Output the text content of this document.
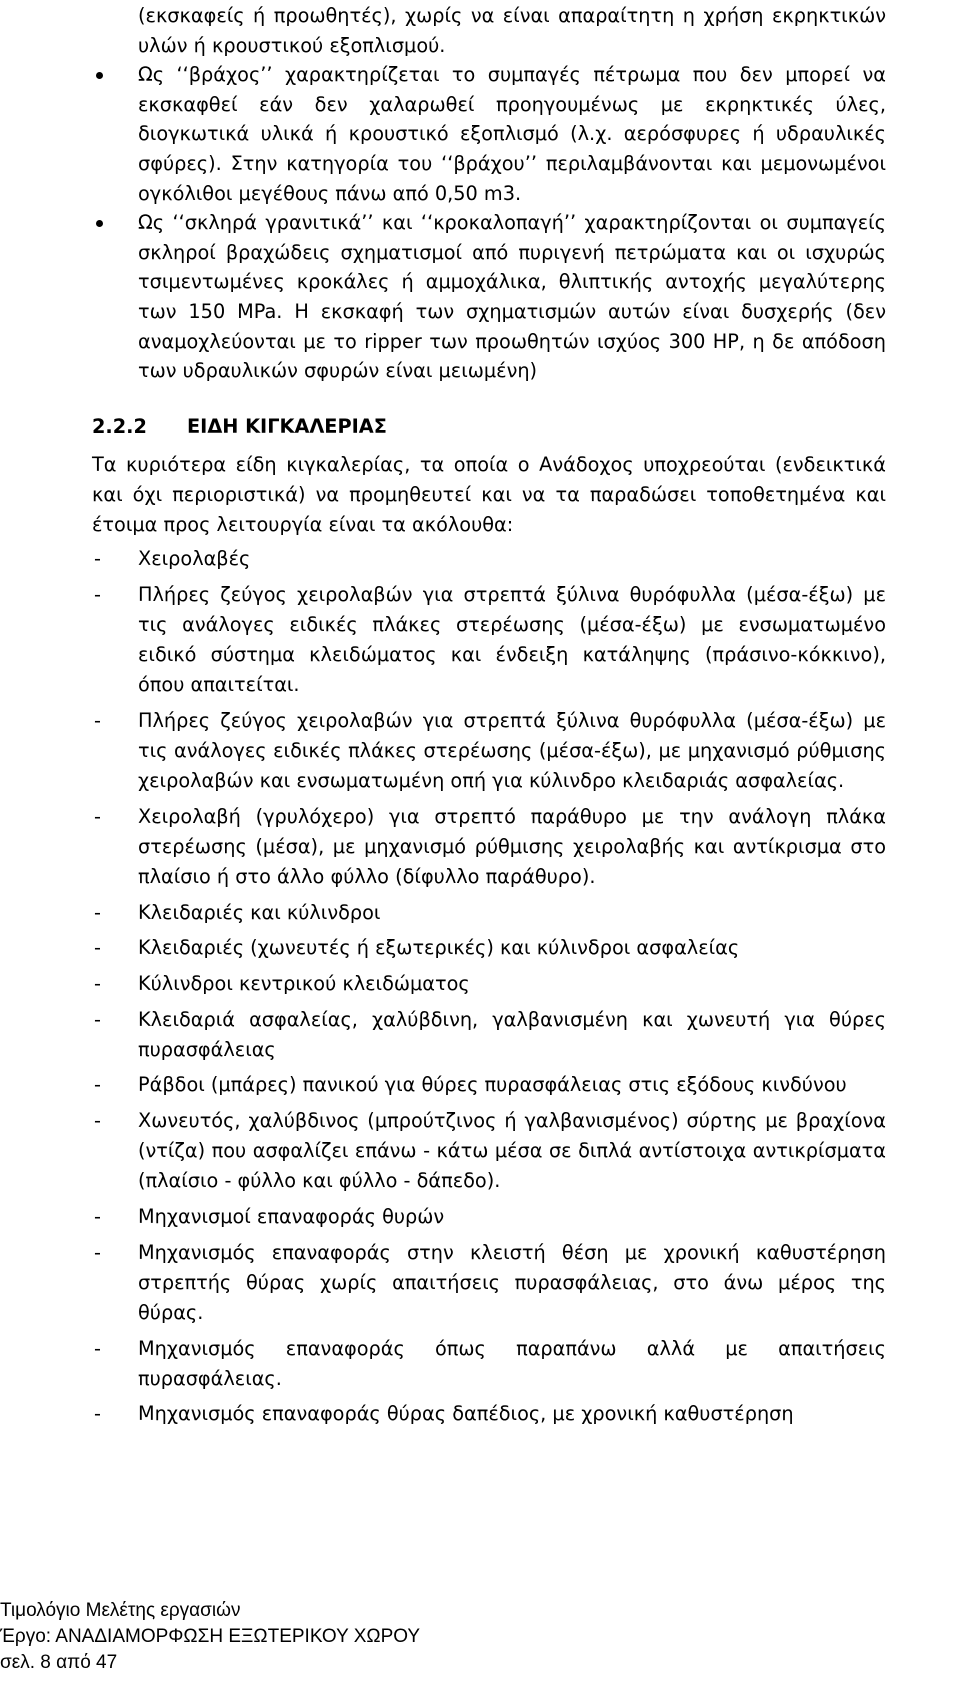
(εκσκαφείς ή προωθητές), χωρίς να είναι απαραίτητη η χρήση εκρηκτικών υλών ή κρουστικού εξοπλισμού.
Ως ‘‘βράχος’’ χαρακτηρίζεται το συμπαγές πέτρωμα που δεν μπορεί να εκσκαφθεί εάν δεν χαλαρωθεί προηγουμένως με εκρηκτικές ύλες, διογκωτικά υλικά ή κρουστικό εξοπλισμό (λ.χ. αερόσφυρες ή υδραυλικές σφύρες). Στην κατηγορία του ‘‘βράχου’’ περιλαμβάνονται και μεμονωμένοι ογκόλιθοι μεγέθους πάνω από 0,50 m3.
Ως ‘‘σκληρά γρανιτικά’’ και ‘‘κροκαλοπαγή’’ χαρακτηρίζονται οι συμπαγείς σκληροί βραχώδεις σχηματισμοί από πυριγενή πετρώματα και οι ισχυρώς τσιμεντωμένες κροκάλες ή αμμοχάλικα, θλιπτικής αντοχής μεγαλύτερης των 150 MPa. Η εκσκαφή των σχηματισμών αυτών είναι δυσχερής (δεν αναμοχλεύονται με το ripper των προωθητών ισχύος 300 HP, η δε απόδοση των υδραυλικών σφυρών είναι μειωμένη)
2.2.2 ΕΙΔΗ ΚΙΓΚΑΛΕΡΙΑΣ

Τα κυριότερα είδη κιγκαλερίας, τα οποία ο Ανάδοχος υποχρεούται (ενδεικτικά και όχι περιοριστικά) να προμηθευτεί και να τα παραδώσει τοποθετημένα και έτοιμα προς λειτουργία είναι τα ακόλουθα:

- Χειρολαβές
- Πλήρες ζεύγος χειρολαβών για στρεπτά ξύλινα θυρόφυλλα (μέσα-έξω) με τις ανάλογες ειδικές πλάκες στερέωσης (μέσα-έξω) με ενσωματωμένο ειδικό σύστημα κλειδώματος και ένδειξη κατάληψης (πράσινο-κόκκινο), όπου απαιτείται.
- Πλήρες ζεύγος χειρολαβών για στρεπτά ξύλινα θυρόφυλλα (μέσα-έξω) με τις ανάλογες ειδικές πλάκες στερέωσης (μέσα-έξω), με μηχανισμό ρύθμισης χειρολαβών και ενσωματωμένη οπή για κύλινδρο κλειδαριάς ασφαλείας.
- Χειρολαβή (γρυλόχερο) για στρεπτό παράθυρο με την ανάλογη πλάκα στερέωσης (μέσα), με μηχανισμό ρύθμισης χειρολαβής και αντίκρισμα στο πλαίσιο ή στο άλλο φύλλο (δίφυλλο παράθυρο).
- Κλειδαριές και κύλινδροι
- Κλειδαριές (χωνευτές ή εξωτερικές) και κύλινδροι ασφαλείας
- Κύλινδροι κεντρικού κλειδώματος
- Κλειδαριά ασφαλείας, χαλύβδινη, γαλβανισμένη και χωνευτή για θύρες πυρασφάλειας
- Ράβδοι (μπάρες) πανικού για θύρες πυρασφάλειας στις εξόδους κινδύνου
- Χωνευτός, χαλύβδινος (μπρούτζινος ή γαλβανισμένος) σύρτης με βραχίονα (ντίζα) που ασφαλίζει επάνω - κάτω μέσα σε διπλά αντίστοιχα αντικρίσματα (πλαίσιο - φύλλο και φύλλο - δάπεδο).
- Μηχανισμοί επαναφοράς θυρών
- Μηχανισμός επαναφοράς στην κλειστή θέση με χρονική καθυστέρηση στρεπτής θύρας χωρίς απαιτήσεις πυρασφάλειας, στο άνω μέρος της θύρας.
- Μηχανισμός επαναφοράς όπως παραπάνω αλλά με απαιτήσεις πυρασφάλειας.
- Μηχανισμός επαναφοράς θύρας δαπέδιος, με χρονική καθυστέρηση
Τιμολόγιο Μελέτης εργασιών
Έργο: ΑΝΑΔΙΑΜΟΡΦΩΣΗ ΕΞΩΤΕΡΙΚΟΥ ΧΩΡΟΥ
σελ. 8 από 47
